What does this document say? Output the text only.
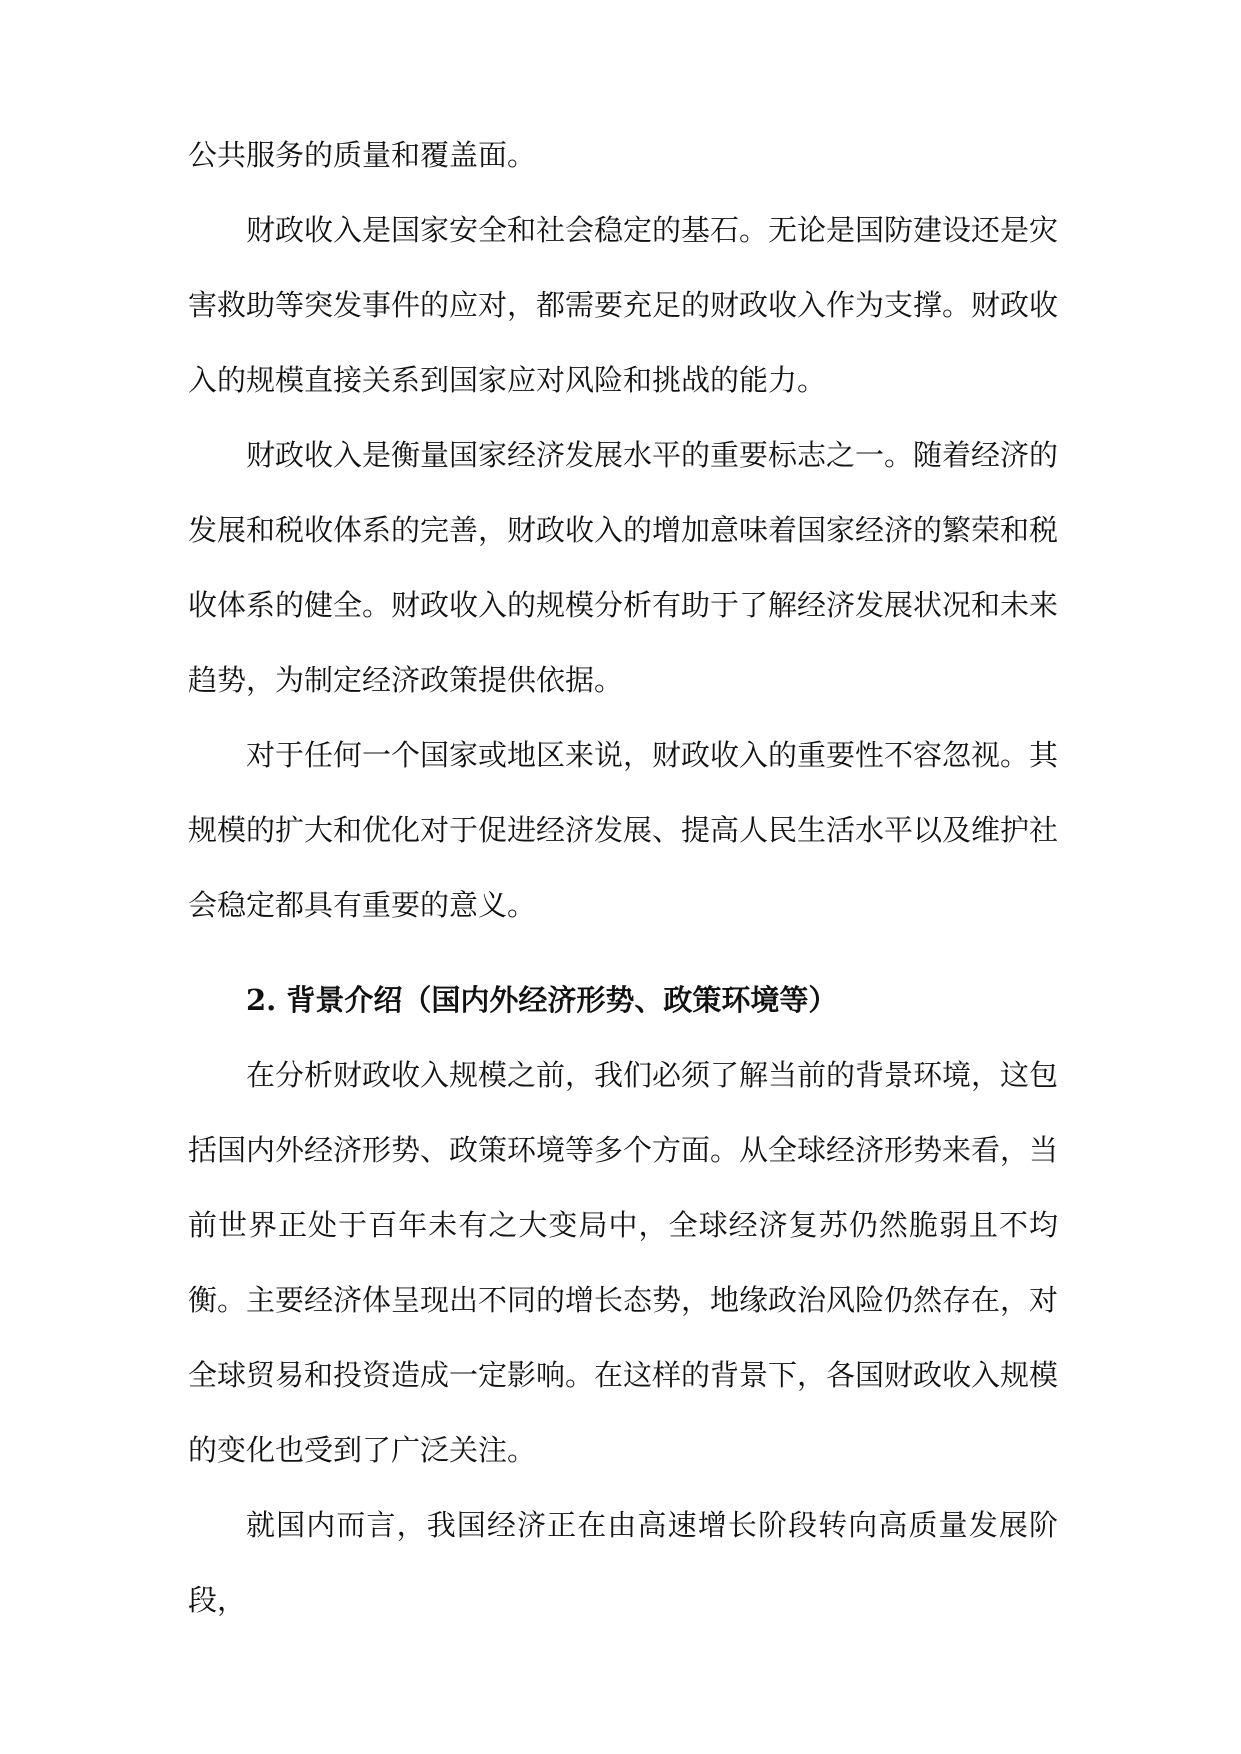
公共服务的质量和覆盖面。

财政收入是国家安全和社会稳定的基石。无论是国防建设还是灾害救助等突发事件的应对，都需要充足的财政收入作为支撑。财政收入的规模直接关系到国家应对风险和挑战的能力。

财政收入是衡量国家经济发展水平的重要标志之一。随着经济的发展和税收体系的完善，财政收入的增加意味着国家经济的繁荣和税收体系的健全。财政收入的规模分析有助于了解经济发展状况和未来趋势，为制定经济政策提供依据。

对于任何一个国家或地区来说，财政收入的重要性不容忽视。其规模的扩大和优化对于促进经济发展、提高人民生活水平以及维护社会稳定都具有重要的意义。

2. 背景介绍（国内外经济形势、政策环境等）

在分析财政收入规模之前，我们必须了解当前的背景环境，这包括国内外经济形势、政策环境等多个方面。从全球经济形势来看，当前世界正处于百年未有之大变局中，全球经济复苏仍然脆弱且不均衡。主要经济体呈现出不同的增长态势，地缘政治风险仍然存在，对全球贸易和投资造成一定影响。在这样的背景下，各国财政收入规模的变化也受到了广泛关注。

就国内而言，我国经济正在由高速增长阶段转向高质量发展阶段，
